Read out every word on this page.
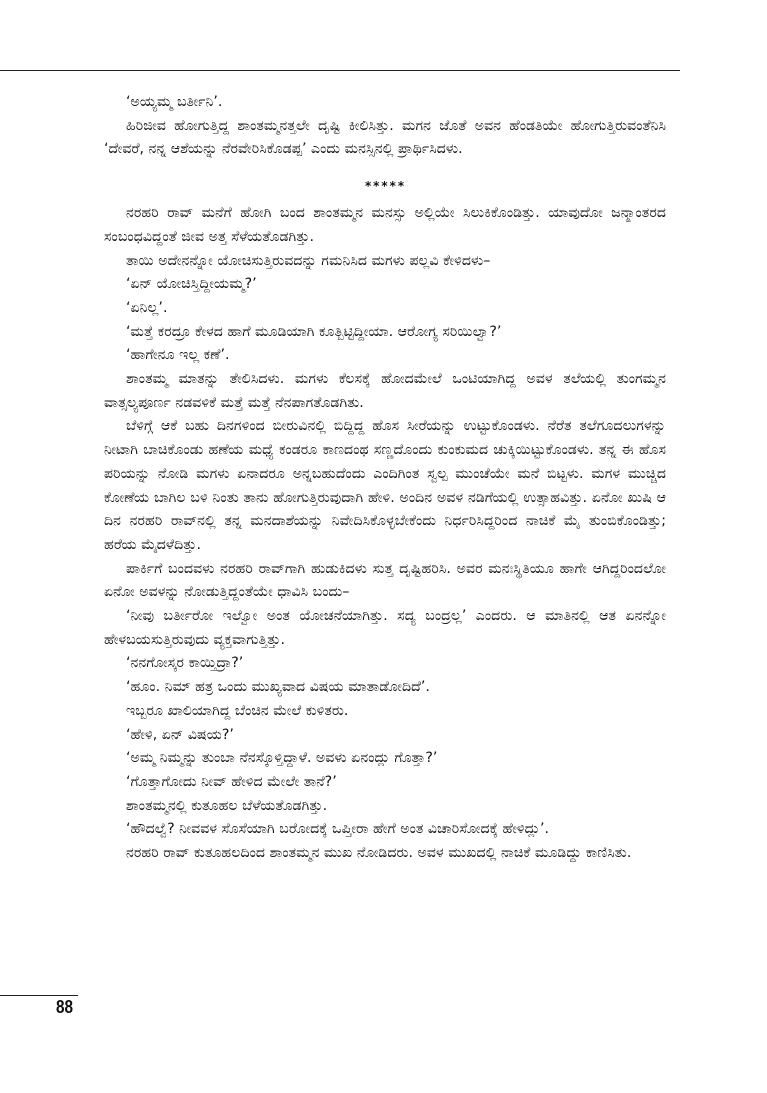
‘ಅಯ್ಯಮ್ಮ ಬರ್ತೀನಿ’.

ಹಿರಿಜೀವ ಹೋಗುತ್ತಿದ್ದ ಶಾಂತಮ್ಮನತ್ತಲೇ ದೃಷ್ಟಿ ಕೀಲಿಸಿತ್ತು. ಮಗನ ಜೊತೆ ಅವನ ಹೆಂಡತಿಯೇ ಹೋಗುತ್ತಿರುವಂತೆನಿಸಿ ‘ದೇವರೆ, ನನ್ನ ಆಶೆಯನ್ನು ನೆರವೇರಿಸಿಕೊಡಪ್ಪ’ ಎಂದು ಮನಸ್ಸಿನಲ್ಲಿ ಪ್ರಾರ್ಥಿಸಿದಳು.

*****

ನರಹರಿ ರಾವ್ ಮನೆಗೆ ಹೋಗಿ ಬಂದ ಶಾಂತಮ್ಮನ ಮನಸ್ಸು ಅಲ್ಲಿಯೇ ಸಿಲುಕಿಕೊಂಡಿತ್ತು. ಯಾವುದೋ ಜನ್ಮಾಂತರದ ಸಂಬಂಧವಿದ್ದಂತೆ ಜೀವ ಅತ್ತ ಸೆಳೆಯತೊಡಗಿತ್ತು.

ತಾಯಿ ಅದೇನನ್ನೋ ಯೋಚಿಸುತ್ತಿರುವದನ್ನು ಗಮನಿಸಿದ ಮಗಳು ಪಲ್ಲವಿ ಕೇಳಿದಳು–

‘ಏನ್ ಯೋಚಿಸ್ತಿದ್ದೀಯಮ್ಮ?’

‘ಏನಿಲ್ಲ’.

‘ಮತ್ತೆ ಕರದ್ರೂ ಕೇಳದ ಹಾಗೆ ಮೂಡಿಯಾಗಿ ಕೂತ್ಬಿಟ್ಟಿದ್ದೀಯಾ. ಆರೋಗ್ಯ ಸರಿಯಿಲ್ವಾ?’

‘ಹಾಗೇನೂ ಇಲ್ಲ ಕಣೆ’.

ಶಾಂತಮ್ಮ ಮಾತನ್ನು ತೇಲಿಸಿದಳು. ಮಗಳು ಕೆಲಸಕ್ಕೆ ಹೋದಮೇಲೆ ಒಂಟಿಯಾಗಿದ್ದ ಅವಳ ತಲೆಯಲ್ಲಿ ತುಂಗಮ್ಮನ ವಾತ್ಸಲ್ಯಪೂರ್ಣ ನಡವಳಿಕೆ ಮತ್ತೆ ಮತ್ತೆ ನೆನಪಾಗತೊಡಗಿತು.

ಬೆಳಿಗ್ಗೆ ಆಕೆ ಬಹು ದಿನಗಳಿಂದ ಬೀರುವಿನಲ್ಲಿ ಬಿದ್ದಿದ್ದ ಹೊಸ ಸೀರೆಯನ್ನು ಉಟ್ಟುಕೊಂಡಳು. ನೆರೆತ ತಲೆಗೂದಲುಗಳನ್ನು ನೀಟಾಗಿ ಬಾಚಿಕೊಂಡು ಹಣೆಯ ಮಧ್ಯೆ ಕಂಡರೂ ಕಾಣದಂಥ ಸಣ್ಣದೊಂದು ಕುಂಕುಮದ ಚುಕ್ಕಿಯಿಟ್ಟುಕೊಂಡಳು. ತನ್ನ ಈ ಹೊಸ ಪರಿಯನ್ನು ನೋಡಿ ಮಗಳು ಏನಾದರೂ ಅನ್ನಬಹುದೆಂದು ಎಂದಿಗಿಂತ ಸ್ವಲ್ಪ ಮುಂಚೆಯೇ ಮನೆ ಬಿಟ್ಟಳು. ಮಗಳ ಮುಚ್ಚಿದ ಕೋಣೆಯ ಬಾಗಿಲ ಬಳಿ ನಿಂತು ತಾನು ಹೋಗುತ್ತಿರುವುದಾಗಿ ಹೇಳಿ. ಅಂದಿನ ಅವಳ ನಡಿಗೆಯಲ್ಲಿ ಉತ್ಸಾಹವಿತ್ತು. ಏನೋ ಖುಷಿ ಆ ದಿನ ನರಹರಿ ರಾವ್‌ನಲ್ಲಿ ತನ್ನ ಮನದಾಶೆಯನ್ನು ನಿವೇದಿಸಿಕೊಳ್ಳಬೇಕೆಂದು ನಿರ್ಧರಿಸಿದ್ದರಿಂದ ನಾಚಿಕೆ ಮೈ ತುಂಬಿಕೊಂಡಿತ್ತು; ಹರೆಯ ಮೈದಳೆದಿತ್ತು.

ಪಾರ್ಕಿಗೆ ಬಂದವಳು ನರಹರಿ ರಾವ್‌ಗಾಗಿ ಹುಡುಕಿದಳು ಸುತ್ತ ದೃಷ್ಟಿಹರಿಸಿ. ಅವರ ಮನಃಸ್ಥಿತಿಯೂ ಹಾಗೇ ಆಗಿದ್ದರಿಂದಲೋ ಏನೋ ಅವಳನ್ನು ನೋಡುತ್ತಿದ್ದಂತೆಯೇ ಧಾವಿಸಿ ಬಂದು–

‘ನೀವು ಬರ್ತೀರೋ ಇಲ್ವೋ ಅಂತ ಯೋಚನೆಯಾಗಿತ್ತು. ಸದ್ಯ ಬಂದ್ರಲ್ಲ’ ಎಂದರು. ಆ ಮಾತಿನಲ್ಲಿ ಆತ ಏನನ್ನೋ ಹೇಳಬಯಸುತ್ತಿರುವುದು ವ್ಯಕ್ತವಾಗುತ್ತಿತ್ತು.

‘ನನಗೋಸ್ಕರ ಕಾಯ್ತಿದ್ರಾ?’

‘ಹೂಂ. ನಿಮ್ ಹತ್ರ ಒಂದು ಮುಖ್ಯವಾದ ವಿಷಯ ಮಾತಾಡೋದಿದೆ’.

ಇಬ್ಬರೂ ಖಾಲಿಯಾಗಿದ್ದ ಬೆಂಚಿನ ಮೇಲೆ ಕುಳಿತರು.

‘ಹೇಳಿ, ಏನ್ ವಿಷಯ?’

‘ಅಮ್ಮ ನಿಮ್ಮನ್ನು ತುಂಬಾ ನೆನಸ್ಕೊಳ್ತಿದ್ದಾಳೆ. ಅವಳು ಏನಂದ್ಲು ಗೊತ್ತಾ?’

‘ಗೊತ್ತಾಗೋದು ನೀವ್ ಹೇಳಿದ ಮೇಲೇ ತಾನೆ?’

ಶಾಂತಮ್ಮನಲ್ಲಿ ಕುತೂಹಲ ಬೆಳೆಯತೊಡಗಿತ್ತು.

‘ಹೌದಲ್ವೆ? ನೀವವಳ ಸೊಸೆಯಾಗಿ ಬರೋದಕ್ಕೆ ಒಪ್ತೀರಾ ಹೇಗೆ ಅಂತ ವಿಚಾರಿಸೋದಕ್ಕೆ ಹೇಳಿದ್ಲು’.

ನರಹರಿ ರಾವ್ ಕುತೂಹಲದಿಂದ ಶಾಂತಮ್ಮನ ಮುಖ ನೋಡಿದರು. ಅವಳ ಮುಖದಲ್ಲಿ ನಾಚಿಕೆ ಮೂಡಿದ್ದು ಕಾಣಿಸಿತು.

88
